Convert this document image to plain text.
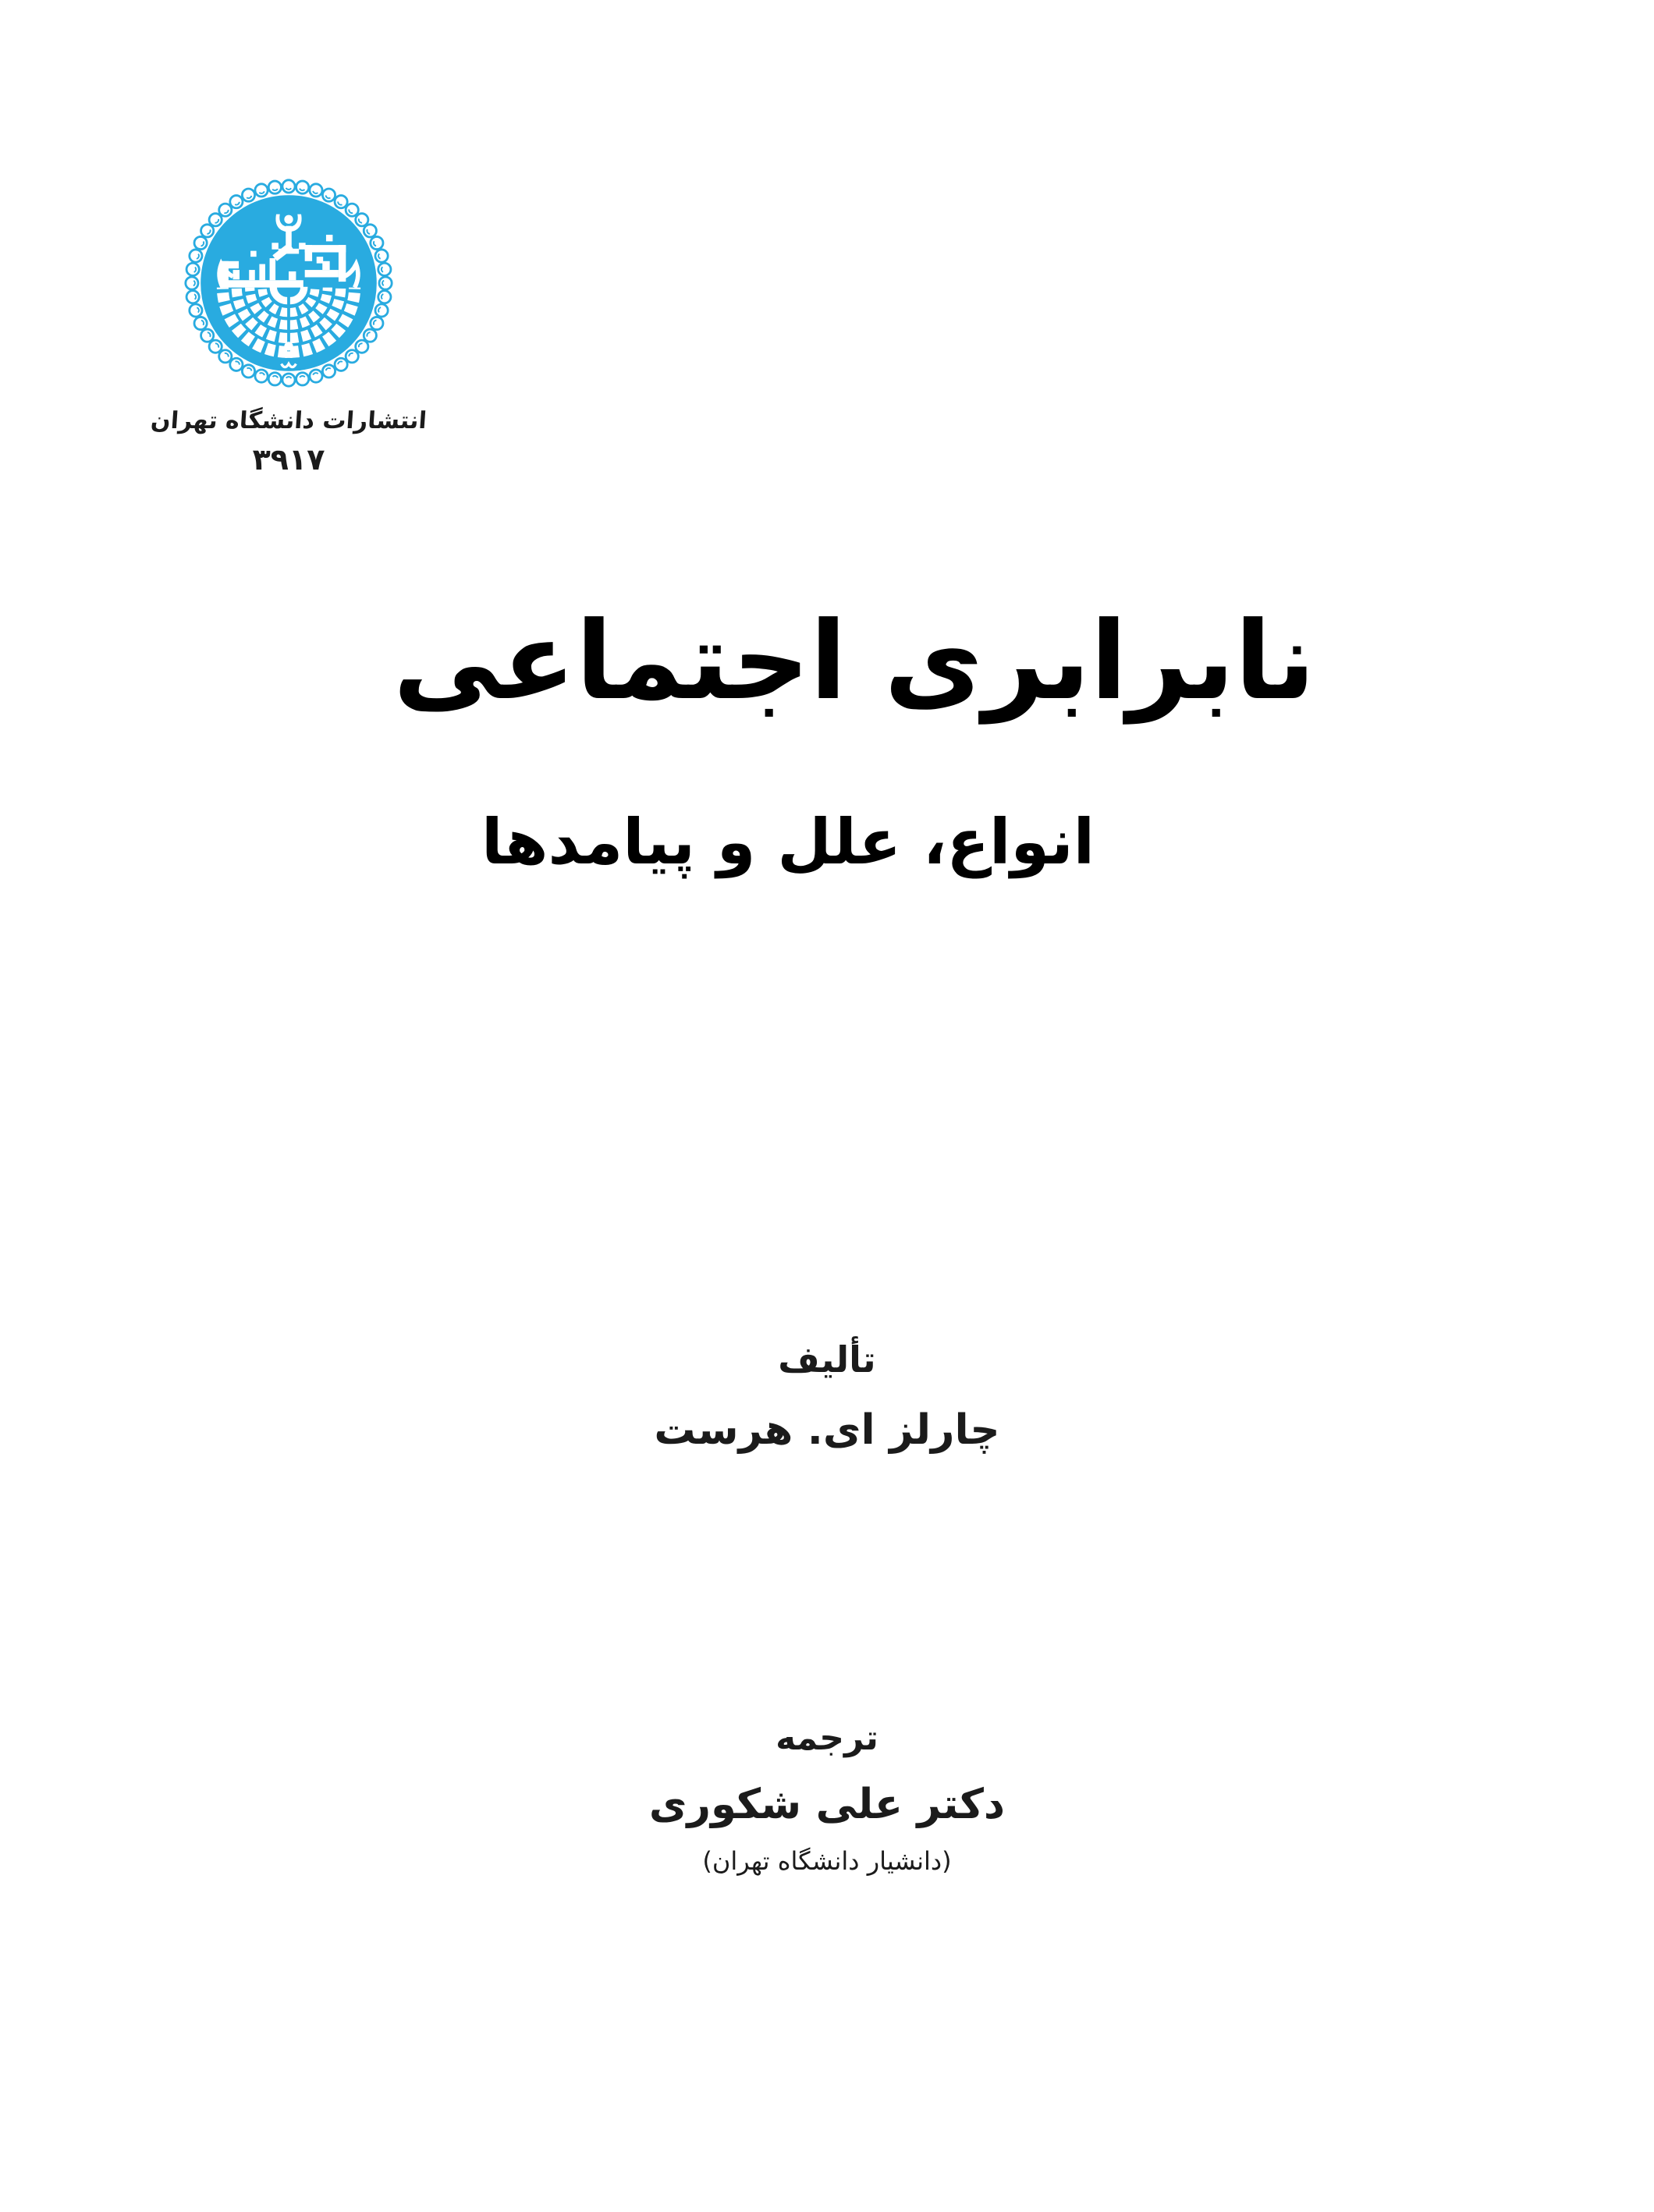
انتشارات دانشگاه تهران
۳۹۱۷
نابرابری اجتماعی
انواع، علل و پیامدها

تألیف

چارلز ای. هرست

ترجمه

دکتر علی شکوری

(دانشیار دانشگاه تهران)
